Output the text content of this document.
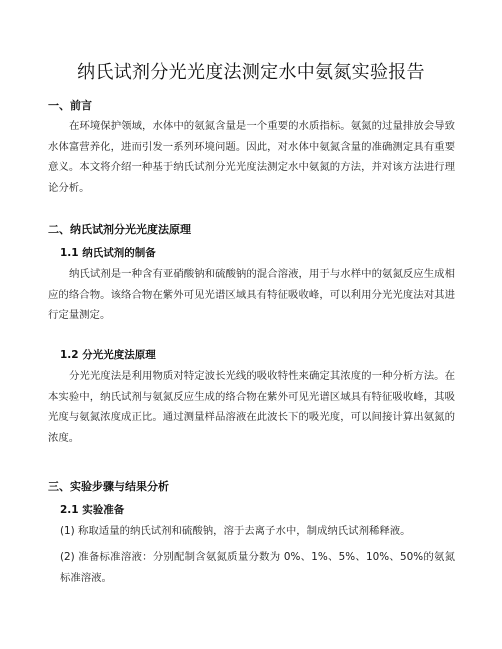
纳氏试剂分光光度法测定水中氨氮实验报告
一、前言
在环境保护领域，水体中的氨氮含量是一个重要的水质指标。氨氮的过量排放会导致水体富营养化，进而引发一系列环境问题。因此，对水体中氨氮含量的准确测定具有重要意义。本文将介绍一种基于纳氏试剂分光光度法测定水中氨氮的方法，并对该方法进行理论分析。
二、纳氏试剂分光光度法原理
1.1 纳氏试剂的制备
纳氏试剂是一种含有亚硝酸钠和硫酸钠的混合溶液，用于与水样中的氨氮反应生成相应的络合物。该络合物在紫外可见光谱区域具有特征吸收峰，可以利用分光光度法对其进行定量测定。
1.2 分光光度法原理
分光光度法是利用物质对特定波长光线的吸收特性来确定其浓度的一种分析方法。在本实验中，纳氏试剂与氨氮反应生成的络合物在紫外可见光谱区域具有特征吸收峰，其吸光度与氨氮浓度成正比。通过测量样品溶液在此波长下的吸光度，可以间接计算出氨氮的浓度。
三、实验步骤与结果分析
2.1 实验准备
(1) 称取适量的纳氏试剂和硫酸钠，溶于去离子水中，制成纳氏试剂稀释液。
(2) 准备标准溶液：分别配制含氨氮质量分数为 0%、1%、5%、10%、50%的氨氮标准溶液。
